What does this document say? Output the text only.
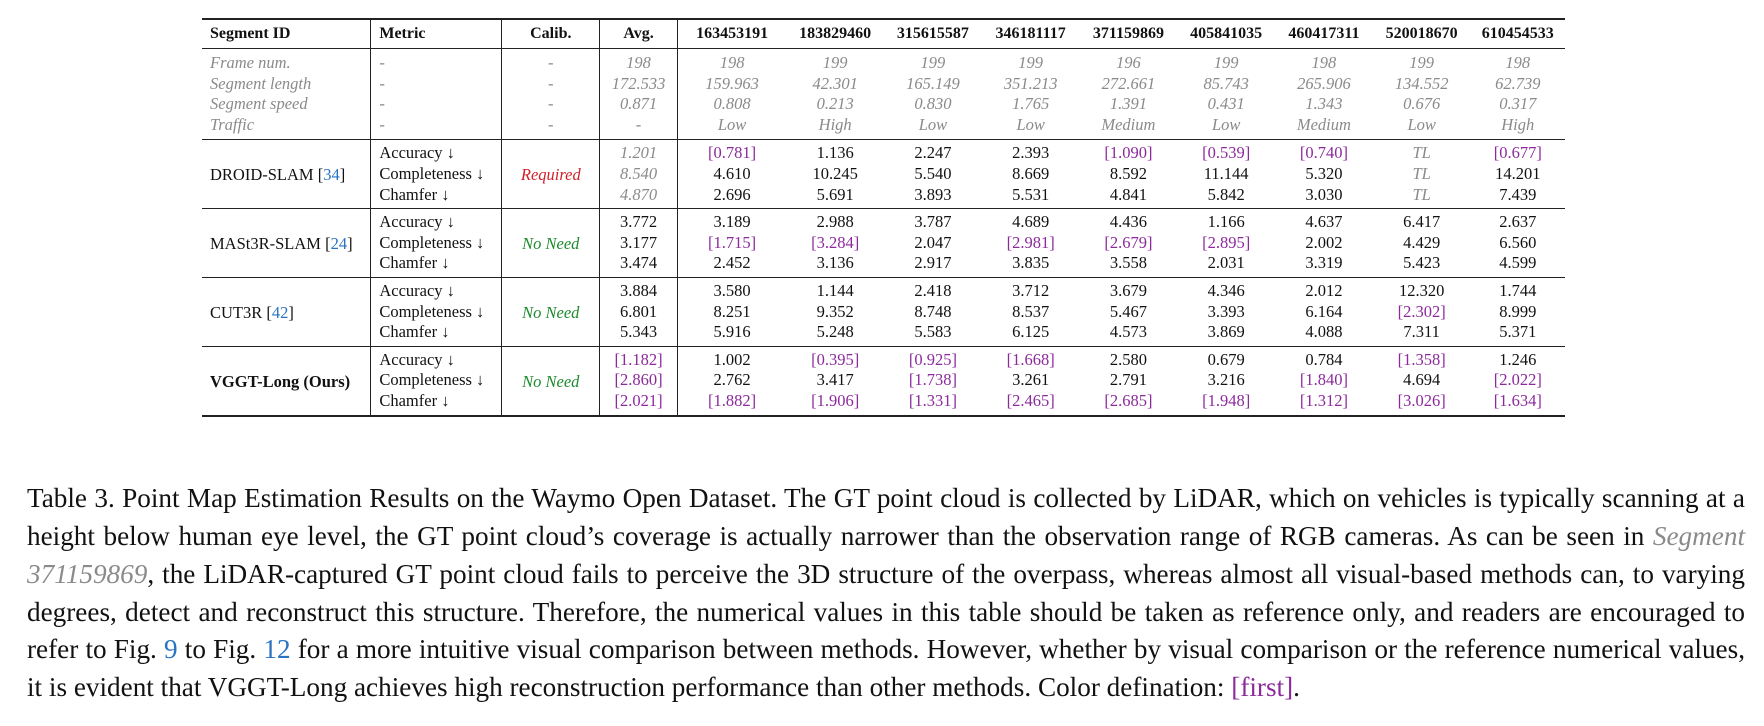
Segment ID	Metric	Calib.	Avg.	163453191	183829460	315615587	346181117	371159869	405841035	460417311	520018670	610454533
Frame num.	-	-	198	198	199	199	199	196	199	198	199	198
Segment length	-	-	172.533	159.963	42.301	165.149	351.213	272.661	85.743	265.906	134.552	62.739
Segment speed	-	-	0.871	0.808	0.213	0.830	1.765	1.391	0.431	1.343	0.676	0.317
Traffic	-	-	-	Low	High	Low	Low	Medium	Low	Medium	Low	High
DROID-SLAM [34]	Accuracy ↓	Required	1.201	[0.781]	1.136	2.247	2.393	[1.090]	[0.539]	[0.740]	TL	[0.677]
	Completeness ↓		8.540	4.610	10.245	5.540	8.669	8.592	11.144	5.320	TL	14.201
	Chamfer ↓		4.870	2.696	5.691	3.893	5.531	4.841	5.842	3.030	TL	7.439
MASt3R-SLAM [24]	Accuracy ↓	No Need	3.772	3.189	2.988	3.787	4.689	4.436	1.166	4.637	6.417	2.637
	Completeness ↓		3.177	[1.715]	[3.284]	2.047	[2.981]	[2.679]	[2.895]	2.002	4.429	6.560
	Chamfer ↓		3.474	2.452	3.136	2.917	3.835	3.558	2.031	3.319	5.423	4.599
CUT3R [42]	Accuracy ↓	No Need	3.884	3.580	1.144	2.418	3.712	3.679	4.346	2.012	12.320	1.744
	Completeness ↓		6.801	8.251	9.352	8.748	8.537	5.467	3.393	6.164	[2.302]	8.999
	Chamfer ↓		5.343	5.916	5.248	5.583	6.125	4.573	3.869	4.088	7.311	5.371
VGGT-Long (Ours)	Accuracy ↓	No Need	[1.182]	1.002	[0.395]	[0.925]	[1.668]	2.580	0.679	0.784	[1.358]	1.246
	Completeness ↓		[2.860]	2.762	3.417	[1.738]	3.261	2.791	3.216	[1.840]	4.694	[2.022]
	Chamfer ↓		[2.021]	[1.882]	[1.906]	[1.331]	[2.465]	[2.685]	[1.948]	[1.312]	[3.026]	[1.634]

Table 3. Point Map Estimation Results on the Waymo Open Dataset. The GT point cloud is collected by LiDAR, which on vehicles is typically scanning at a height below human eye level, the GT point cloud’s coverage is actually narrower than the observation range of RGB cameras. As can be seen in Segment 371159869, the LiDAR-captured GT point cloud fails to perceive the 3D structure of the overpass, whereas almost all visual-based methods can, to varying degrees, detect and reconstruct this structure. Therefore, the numerical values in this table should be taken as reference only, and readers are encouraged to refer to Fig. 9 to Fig. 12 for a more intuitive visual comparison between methods. However, whether by visual comparison or the reference numerical values, it is evident that VGGT-Long achieves high reconstruction performance than other methods. Color defination: [first].
